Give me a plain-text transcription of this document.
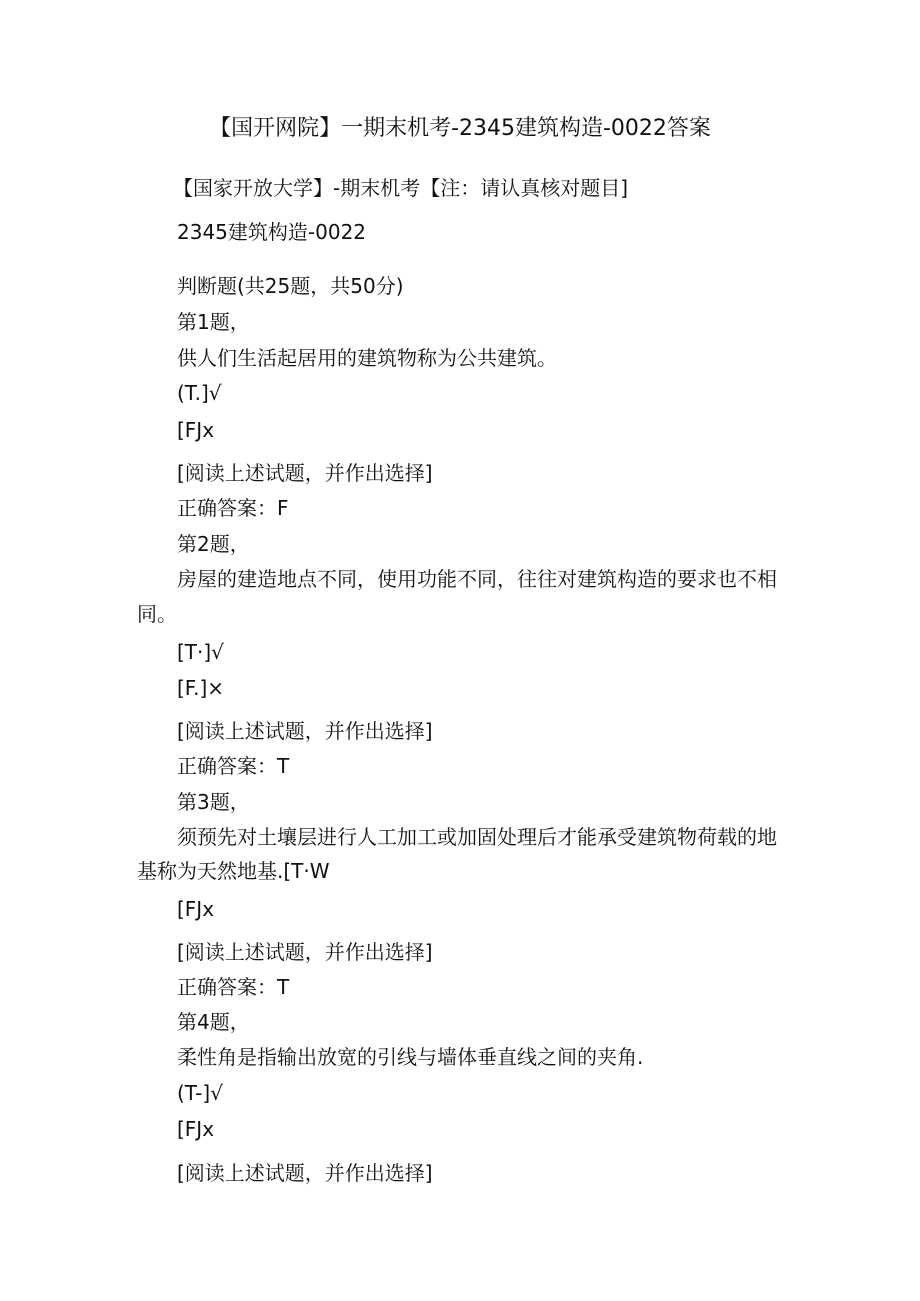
【国开网院】一期末机考-2345建筑构造-0022答案
【国家开放大学】-期末机考【注：请认真核对题目]
2345建筑构造-0022
判断题(共25题，共50分)
第1题，
供人们生活起居用的建筑物称为公共建筑。
(T.]√
[FJx
[阅读上述试题，并作出选择]
正确答案：F
第2题，
房屋的建造地点不同，使用功能不同，往往对建筑构造的要求也不相
同。
[T·]√
[F.]×
[阅读上述试题，并作出选择]
正确答案：T
第3题，
须预先对土壤层进行人工加工或加固处理后才能承受建筑物荷载的地
基称为天然地基.[T·W
[FJx
[阅读上述试题，并作出选择]
正确答案：T
第4题，
柔性角是指输出放宽的引线与墙体垂直线之间的夹角.
(T-]√
[FJx
[阅读上述试题，并作出选择]
